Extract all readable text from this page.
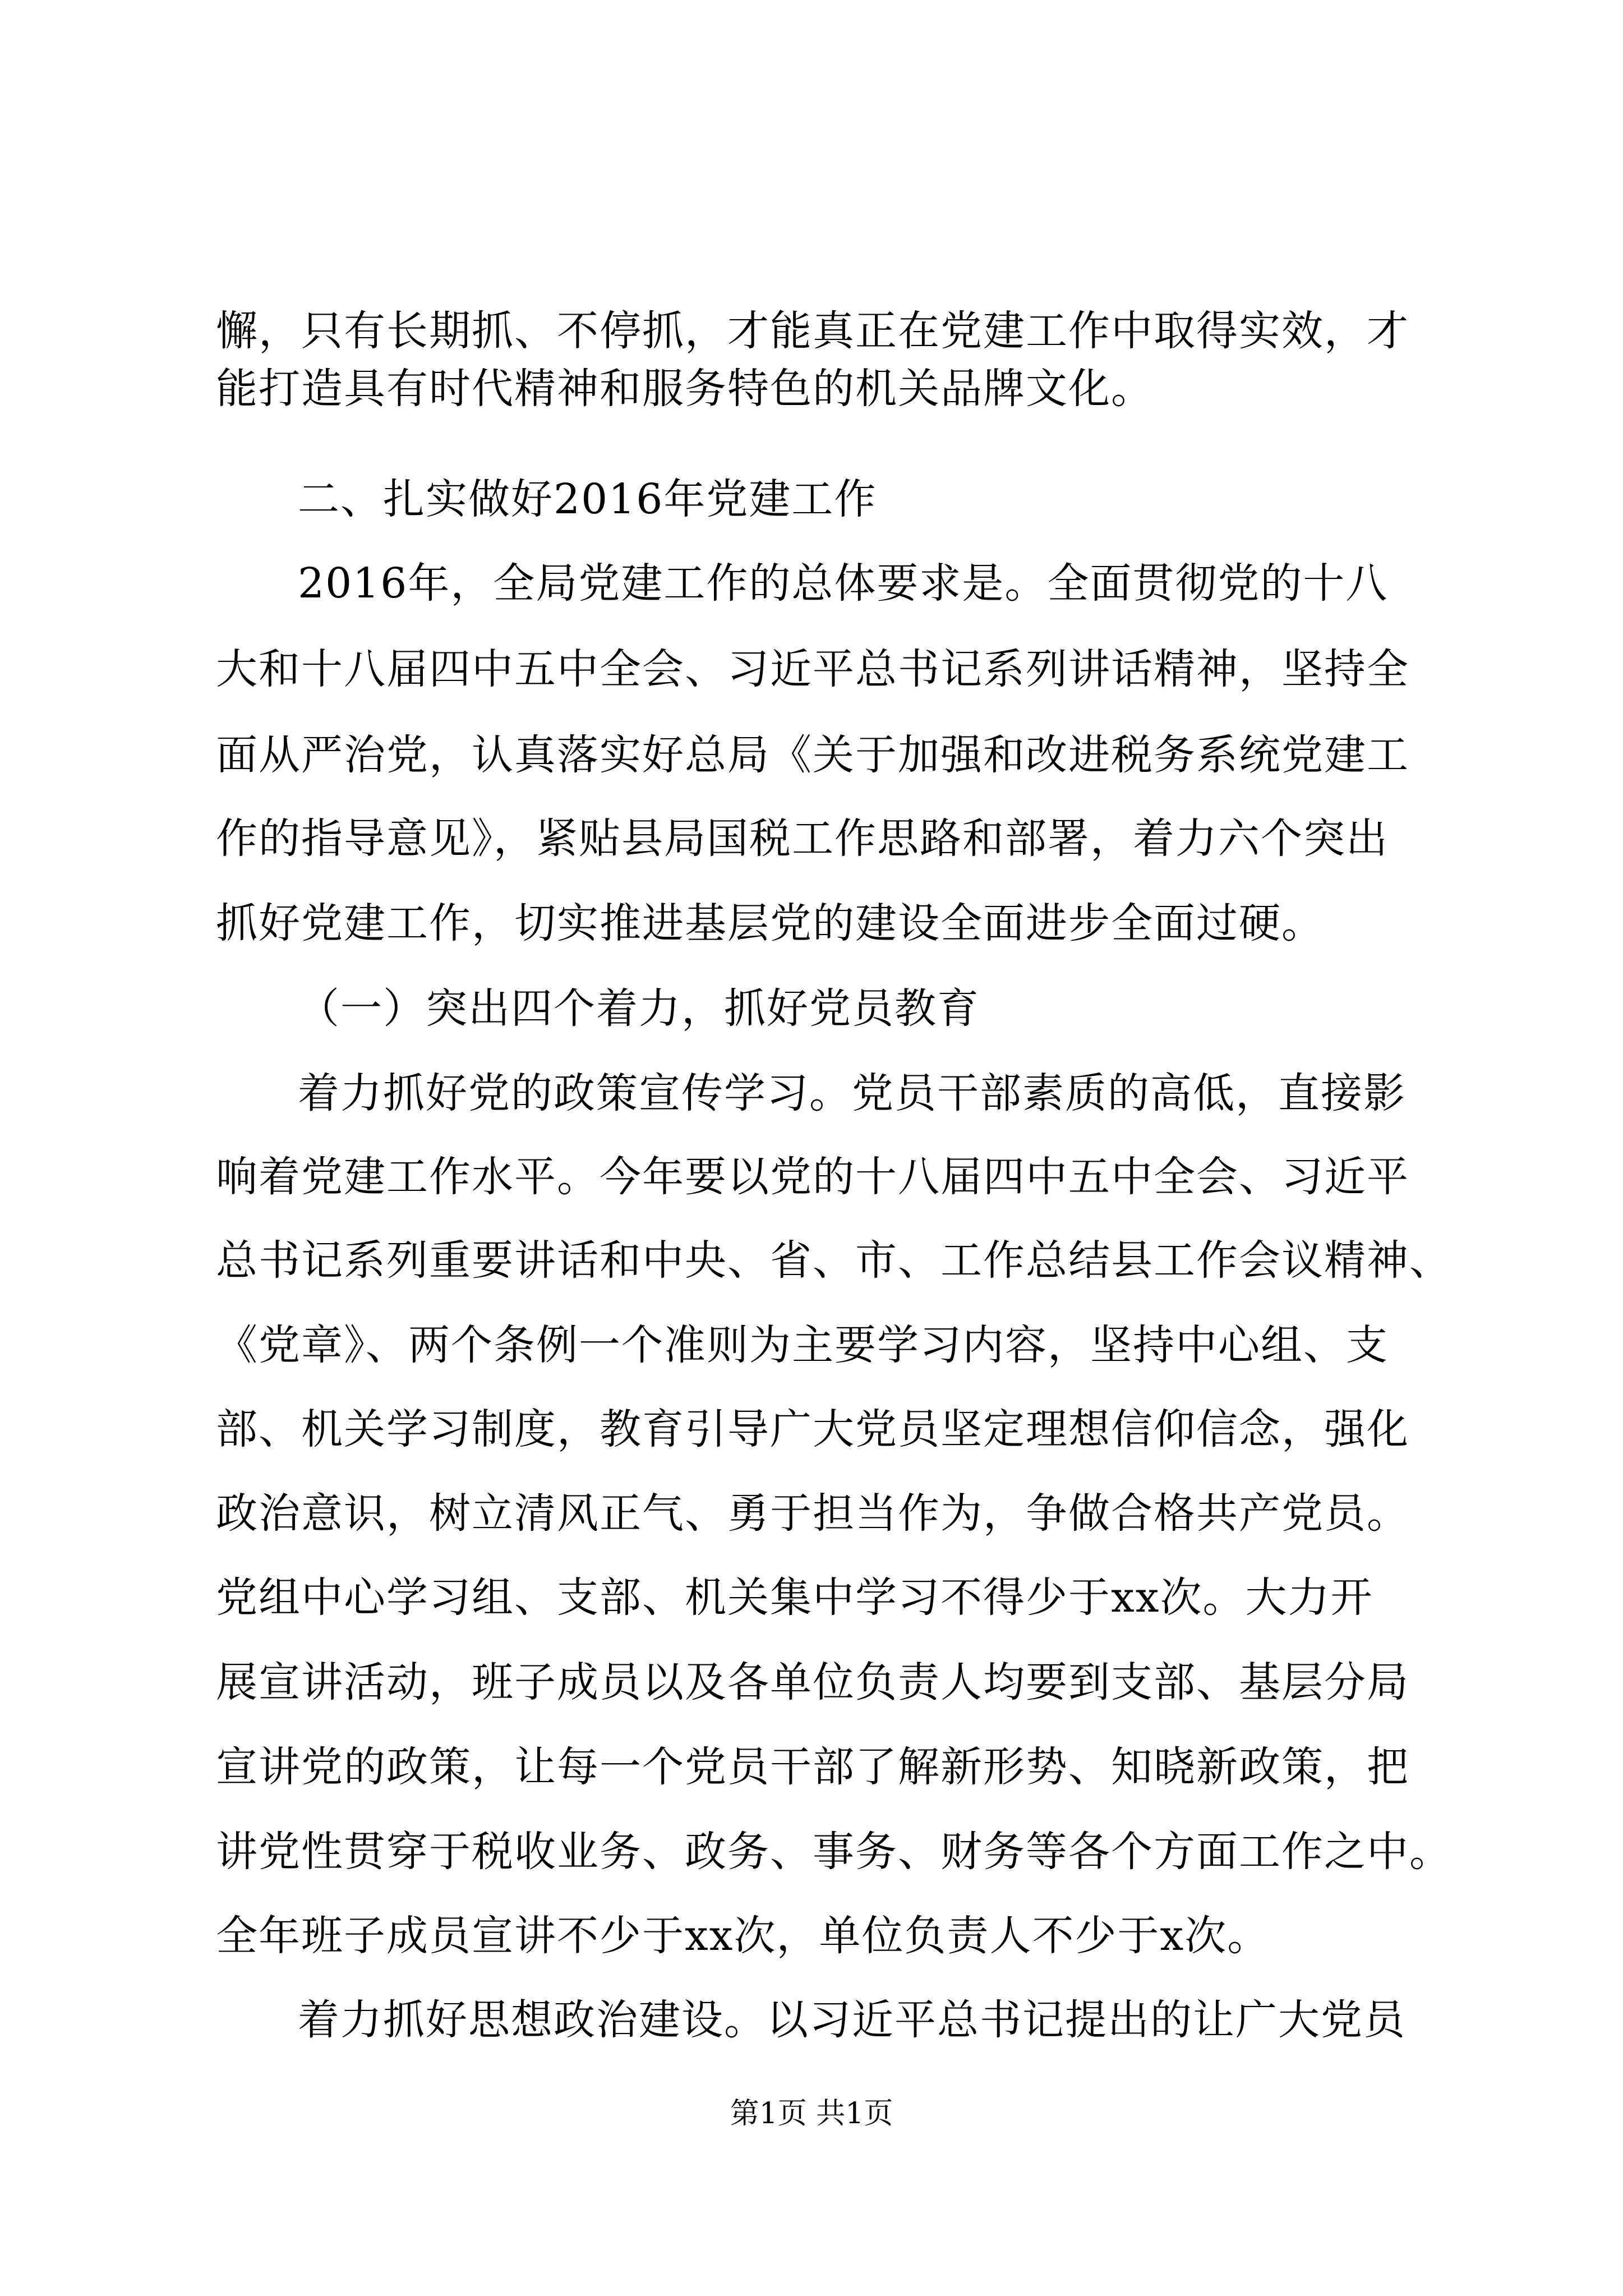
懈，只有长期抓、不停抓，才能真正在党建工作中取得实效，才
能打造具有时代精神和服务特色的机关品牌文化。
二、扎实做好2016年党建工作
2016年，全局党建工作的总体要求是。全面贯彻党的十八
大和十八届四中五中全会、习近平总书记系列讲话精神，坚持全
面从严治党，认真落实好总局《关于加强和改进税务系统党建工
作的指导意见》，紧贴县局国税工作思路和部署，着力六个突出
抓好党建工作，切实推进基层党的建设全面进步全面过硬。
（一）突出四个着力，抓好党员教育
着力抓好党的政策宣传学习。党员干部素质的高低，直接影
响着党建工作水平。今年要以党的十八届四中五中全会、习近平
总书记系列重要讲话和中央、省、市、工作总结县工作会议精神、
《党章》、两个条例一个准则为主要学习内容，坚持中心组、支
部、机关学习制度，教育引导广大党员坚定理想信仰信念，强化
政治意识，树立清风正气、勇于担当作为，争做合格共产党员。
党组中心学习组、支部、机关集中学习不得少于xx次。大力开
展宣讲活动，班子成员以及各单位负责人均要到支部、基层分局
宣讲党的政策，让每一个党员干部了解新形势、知晓新政策，把
讲党性贯穿于税收业务、政务、事务、财务等各个方面工作之中。
全年班子成员宣讲不少于xx次，单位负责人不少于x次。
着力抓好思想政治建设。以习近平总书记提出的让广大党员
第1页 共1页
